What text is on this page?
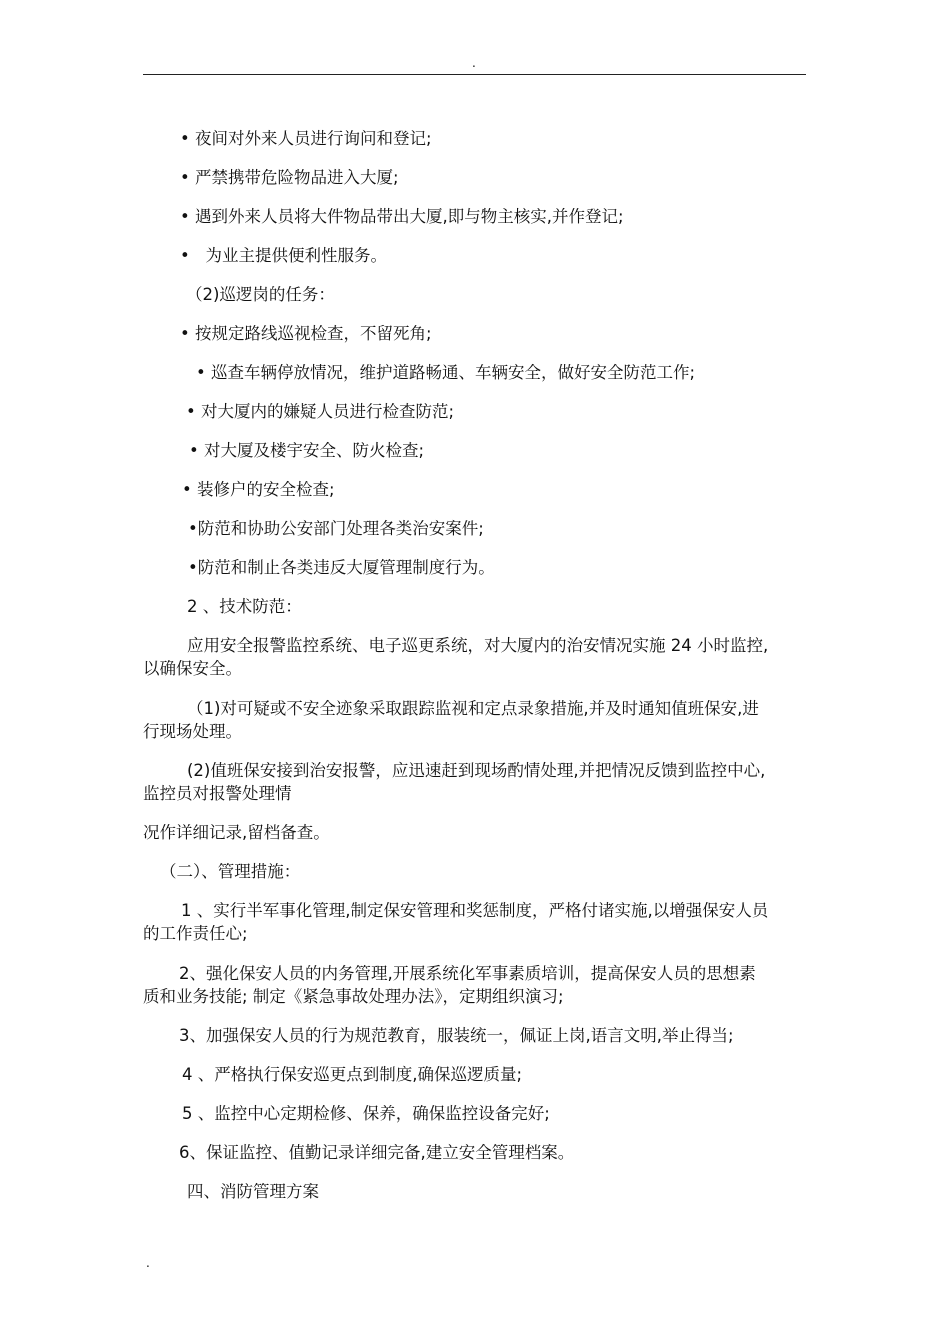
.
• 夜间对外来人员进行询问和登记;
• 严禁携带危险物品进入大厦;
• 遇到外来人员将大件物品带出大厦,即与物主核实,并作登记;
•   为业主提供便利性服务。
（2)巡逻岗的任务：
• 按规定路线巡视检查，不留死角;
• 巡查车辆停放情况，维护道路畅通、车辆安全，做好安全防范工作;
• 对大厦内的嫌疑人员进行检查防范;
• 对大厦及楼宇安全、防火检查;
• 装修户的安全检查;
•防范和协助公安部门处理各类治安案件;
•防范和制止各类违反大厦管理制度行为。
2 、技术防范：
应用安全报警监控系统、电子巡更系统，对大厦内的治安情况实施 24 小时监控,
以确保安全。
（1)对可疑或不安全迹象采取跟踪监视和定点录象措施,并及时通知值班保安,进
行现场处理。
(2)值班保安接到治安报警，应迅速赶到现场酌情处理,并把情况反馈到监控中心,
监控员对报警处理情
况作详细记录,留档备查。
（二）、管理措施：
1 、实行半军事化管理,制定保安管理和奖惩制度，严格付诸实施,以增强保安人员
的工作责任心;
2、强化保安人员的内务管理,开展系统化军事素质培训，提高保安人员的思想素
质和业务技能; 制定《紧急事故处理办法》，定期组织演习;
3、加强保安人员的行为规范教育，服装统一，佩证上岗,语言文明,举止得当;
4 、严格执行保安巡更点到制度,确保巡逻质量;
5 、监控中心定期检修、保养，确保监控设备完好;
6、保证监控、值勤记录详细完备,建立安全管理档案。
四、消防管理方案
.
